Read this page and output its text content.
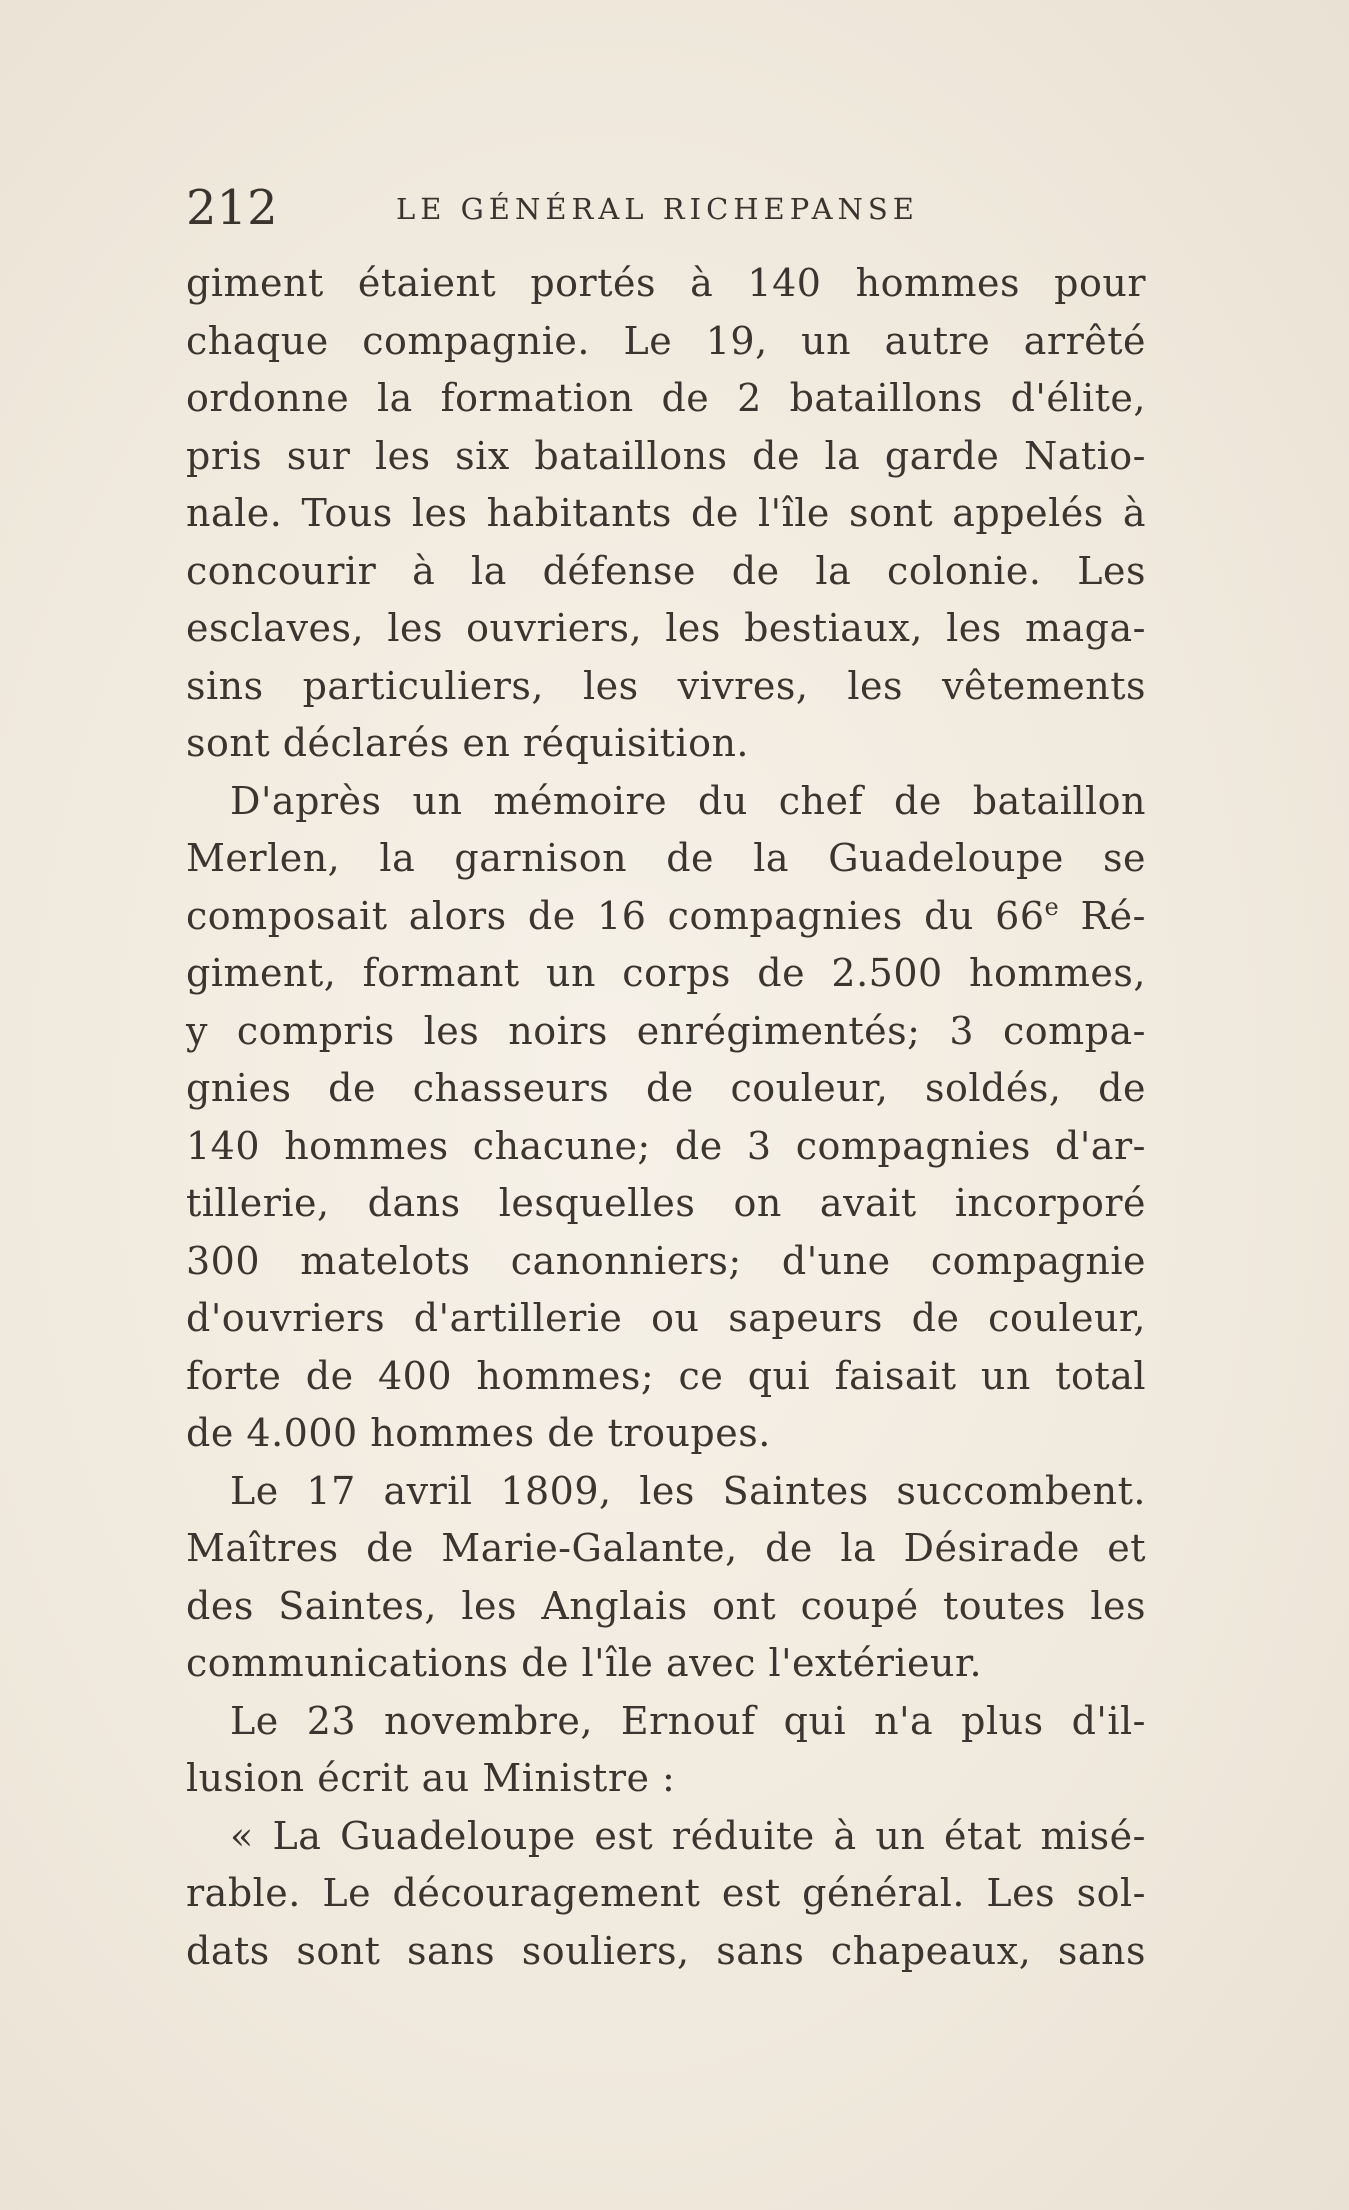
212	LE GÉNÉRAL RICHEPANSE
giment étaient portés à 140 hommes pour
chaque compagnie. Le 19, un autre arrêté
ordonne la formation de 2 bataillons d'élite,
pris sur les six bataillons de la garde Natio-
nale. Tous les habitants de l'île sont appelés à
concourir à la défense de la colonie. Les
esclaves, les ouvriers, les bestiaux, les maga-
sins particuliers, les vivres, les vêtements
sont déclarés en réquisition.
D'après un mémoire du chef de bataillon
Merlen, la garnison de la Guadeloupe se
composait alors de 16 compagnies du 66e Ré-
giment, formant un corps de 2.500 hommes,
y compris les noirs enrégimentés; 3 compa-
gnies de chasseurs de couleur, soldés, de
140 hommes chacune; de 3 compagnies d'ar-
tillerie, dans lesquelles on avait incorporé
300 matelots canonniers; d'une compagnie
d'ouvriers d'artillerie ou sapeurs de couleur,
forte de 400 hommes; ce qui faisait un total
de 4.000 hommes de troupes.
Le 17 avril 1809, les Saintes succombent.
Maîtres de Marie-Galante, de la Désirade et
des Saintes, les Anglais ont coupé toutes les
communications de l'île avec l'extérieur.
Le 23 novembre, Ernouf qui n'a plus d'il-
lusion écrit au Ministre :
« La Guadeloupe est réduite à un état misé-
rable. Le découragement est général. Les sol-
dats sont sans souliers, sans chapeaux, sans
